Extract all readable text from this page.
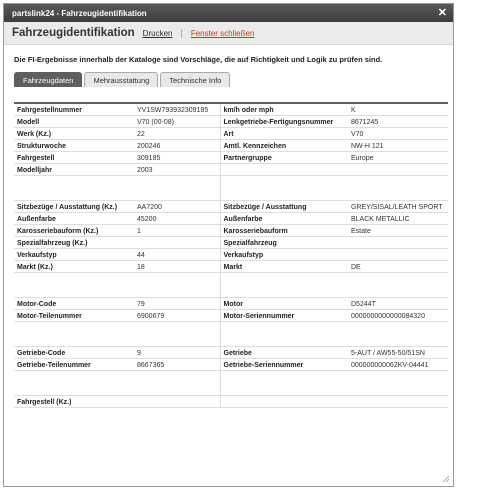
partslink24 - Fahrzeugidentifikation	✕
Fahrzeugidentifikation Drucken | Fenster schließen
Die FI-Ergebnisse innerhalb der Kataloge sind Vorschläge, die auf Richtigkeit und Logik zu prüfen sind.
Fahrzeugdaten	Mehrausstattung	Technische Info
Fahrgestellnummer	YV1SW793932309185	km/h oder mph	K
Modell	V70 (00-08)	Lenkgetriebe-Fertigungsnummer	8671245
Werk (Kz.)	22	Art	V70
Strukturwoche	200246	Amtl. Kennzeichen	NW-H 121
Fahrgestell	309185	Partnergruppe	Europe
Modelljahr	2003		

Sitzbezüge / Ausstattung (Kz.)	AA7200	Sitzbezüge / Ausstattung	GREY/SISAL/LEATH SPORT
Außenfarbe	45200	Außenfarbe	BLACK METALLIC
Karosseriebauform (Kz.)	1	Karosseriebauform	Estate
Spezialfahrzeug (Kz.)		Spezialfahrzeug	
Verkaufstyp	44	Verkaufstyp	
Markt (Kz.)	18	Markt	DE

Motor-Code	79	Motor	D5244T
Motor-Teilenummer	6900679	Motor-Seriennummer	0000000000000084320

Getriebe-Code	9	Getriebe	5-AUT / AW55-50/51SN
Getriebe-Teilenummer	8667365	Getriebe-Seriennummer	000000000062KV-04441

Fahrgestell (Kz.)			
